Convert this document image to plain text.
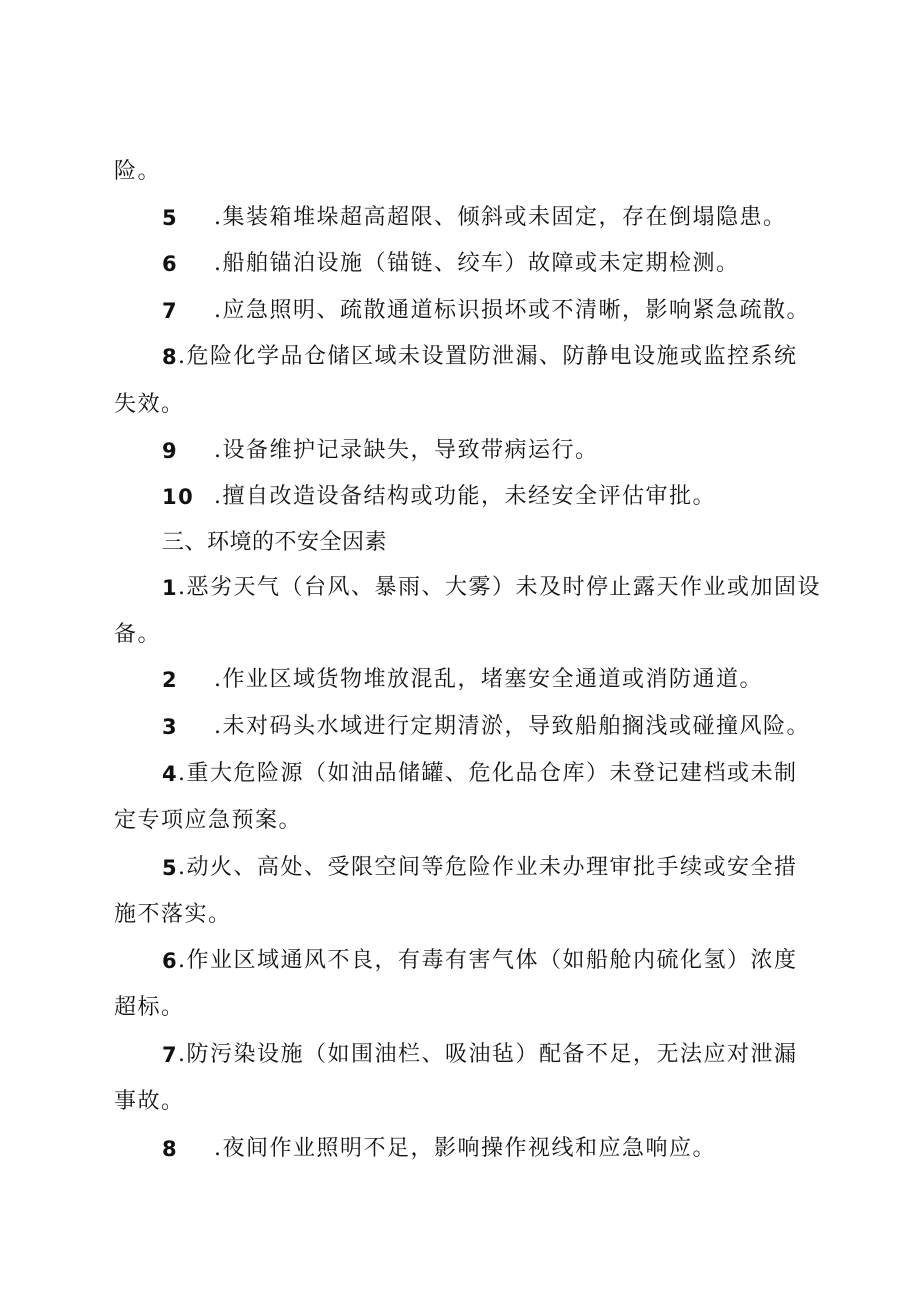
险。
5 .集装箱堆垛超高超限、倾斜或未固定，存在倒塌隐患。
6 .船舶锚泊设施（锚链、绞车）故障或未定期检测。
7 .应急照明、疏散通道标识损坏或不清晰，影响紧急疏散。
8 .危险化学品仓储区域未设置防泄漏、防静电设施或监控系统
失效。
9 .设备维护记录缺失，导致带病运行。
10 .擅自改造设备结构或功能，未经安全评估审批。
三、环境的不安全因素
1 .恶劣天气（台风、暴雨、大雾）未及时停止露天作业或加固设
备。
2 .作业区域货物堆放混乱，堵塞安全通道或消防通道。
3 .未对码头水域进行定期清淤，导致船舶搁浅或碰撞风险。
4 .重大危险源（如油品储罐、危化品仓库）未登记建档或未制
定专项应急预案。
5 .动火、高处、受限空间等危险作业未办理审批手续或安全措
施不落实。
6 .作业区域通风不良，有毒有害气体（如船舱内硫化氢）浓度
超标。
7 .防污染设施（如围油栏、吸油毡）配备不足，无法应对泄漏
事故。
8 .夜间作业照明不足，影响操作视线和应急响应。
